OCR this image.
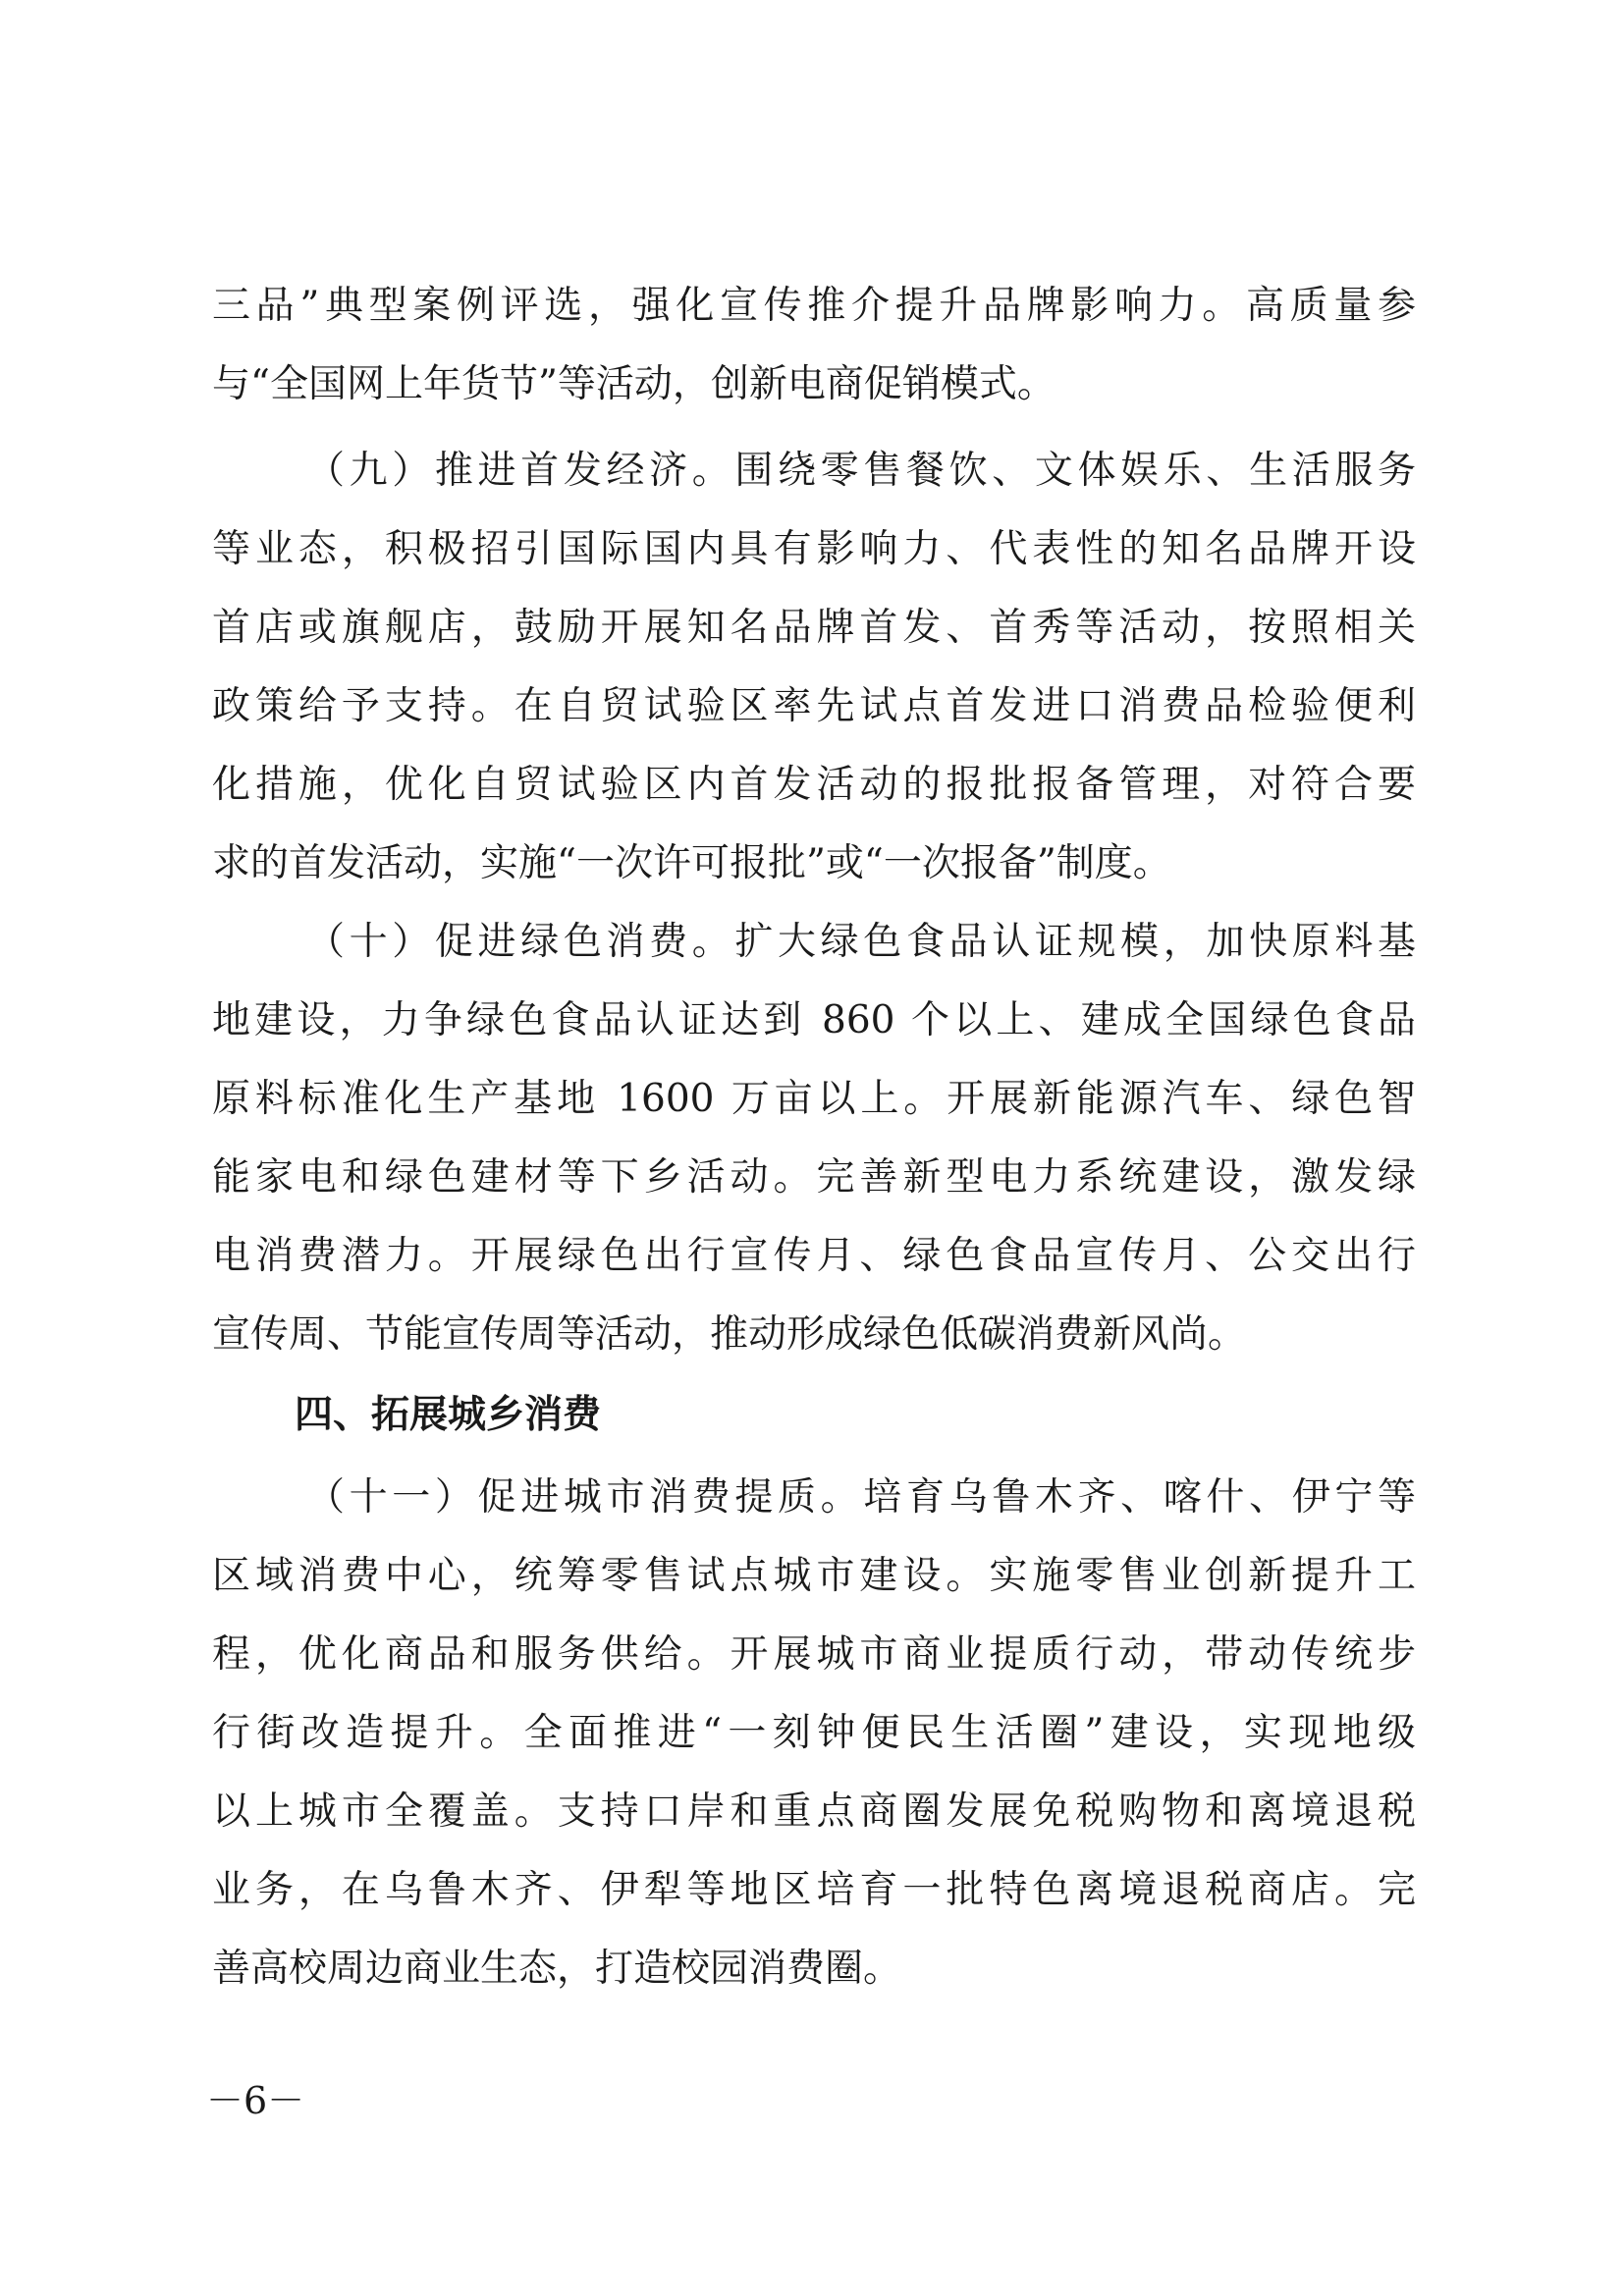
三品”典型案例评选，强化宣传推介提升品牌影响力。高质量参
与“全国网上年货节”等活动，创新电商促销模式。
（九）推进首发经济。围绕零售餐饮、文体娱乐、生活服务
等业态，积极招引国际国内具有影响力、代表性的知名品牌开设
首店或旗舰店，鼓励开展知名品牌首发、首秀等活动，按照相关
政策给予支持。在自贸试验区率先试点首发进口消费品检验便利
化措施，优化自贸试验区内首发活动的报批报备管理，对符合要
求的首发活动，实施“一次许可报批”或“一次报备”制度。
（十）促进绿色消费。扩大绿色食品认证规模，加快原料基
地建设，力争绿色食品认证达到 860 个以上、建成全国绿色食品
原料标准化生产基地 1600 万亩以上。开展新能源汽车、绿色智
能家电和绿色建材等下乡活动。完善新型电力系统建设，激发绿
电消费潜力。开展绿色出行宣传月、绿色食品宣传月、公交出行
宣传周、节能宣传周等活动，推动形成绿色低碳消费新风尚。
四、拓展城乡消费
（十一）促进城市消费提质。培育乌鲁木齐、喀什、伊宁等
区域消费中心，统筹零售试点城市建设。实施零售业创新提升工
程，优化商品和服务供给。开展城市商业提质行动，带动传统步
行街改造提升。全面推进“一刻钟便民生活圈”建设，实现地级
以上城市全覆盖。支持口岸和重点商圈发展免税购物和离境退税
业务，在乌鲁木齐、伊犁等地区培育一批特色离境退税商店。完
善高校周边商业生态，打造校园消费圈。
－6－
